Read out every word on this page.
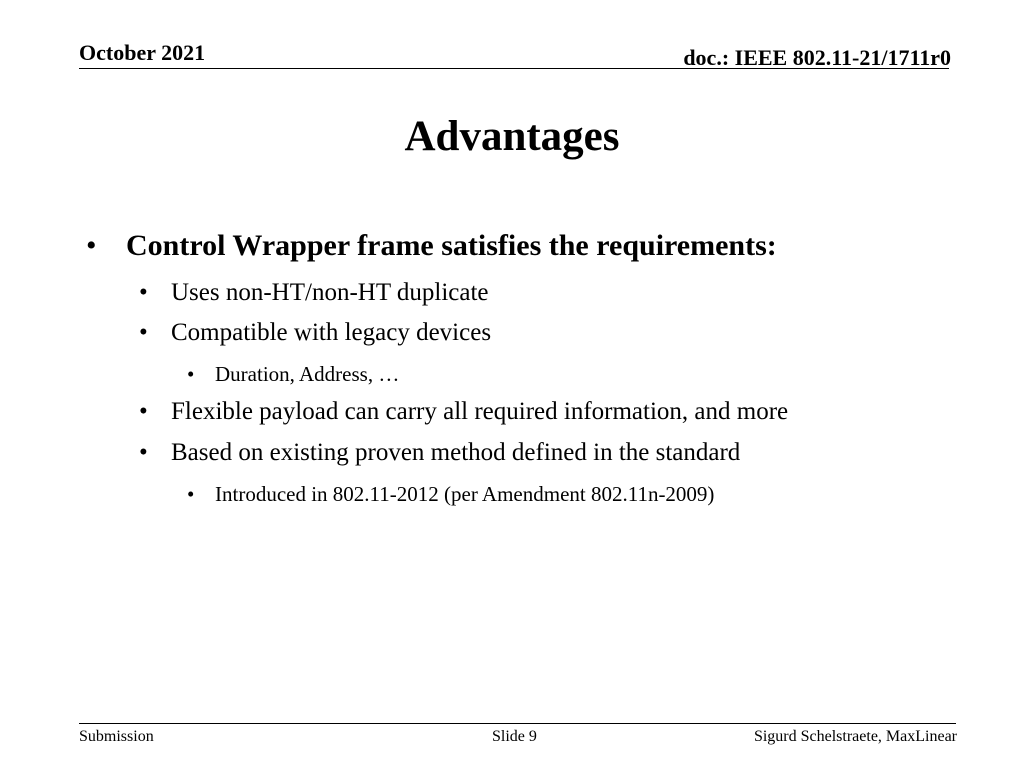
October 2021	doc.: IEEE 802.11-21/1711r0

Advantages
• Control Wrapper frame satisfies the requirements:
• Uses non-HT/non-HT duplicate
• Compatible with legacy devices
• Duration, Address, …
• Flexible payload can carry all required information, and more
• Based on existing proven method defined in the standard
• Introduced in 802.11-2012 (per Amendment 802.11n-2009)

Submission	Slide 9	Sigurd Schelstraete, MaxLinear
